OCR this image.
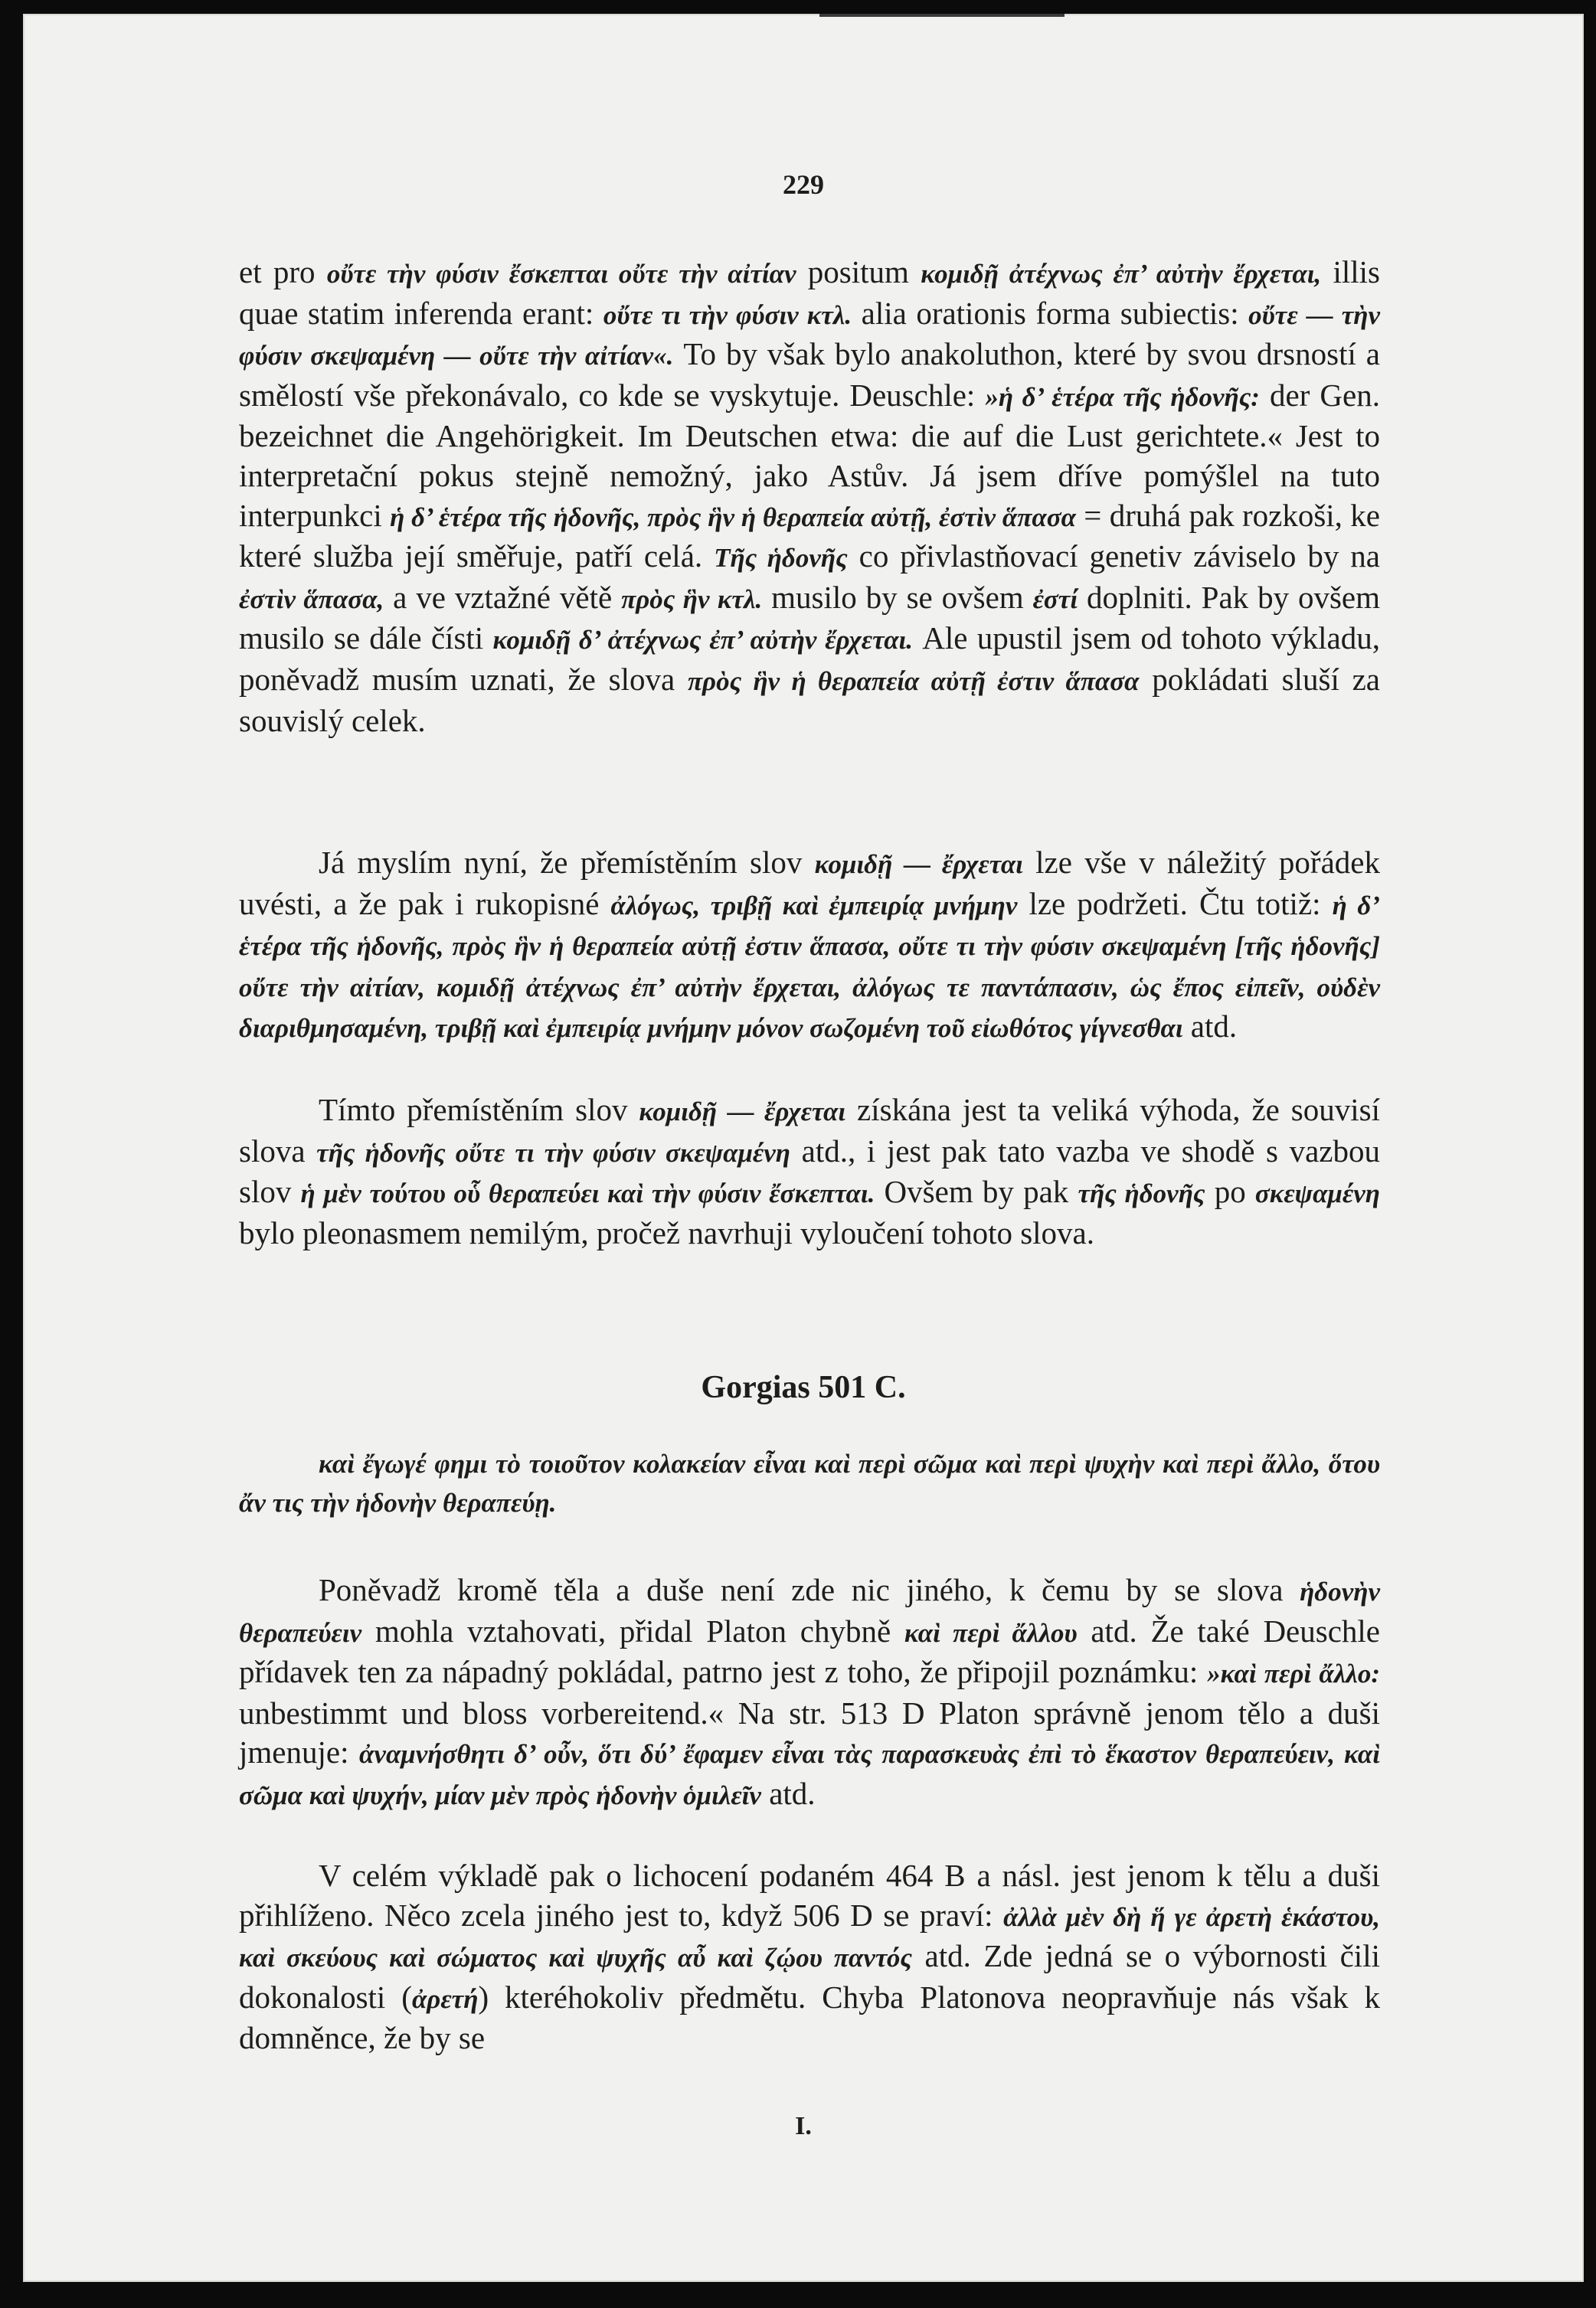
229

et pro οὔτε τὴν φύσιν ἔσκεπται οὔτε τὴν αἰτίαν positum κομιδῇ ἀτέχνως ἐπ’ αὐτὴν ἔρχεται, illis quae statim inferenda erant: οὔτε τι τὴν φύσιν κτλ. alia orationis forma subiectis: οὔτε — τὴν φύσιν σκεψαμένη — οὔτε τὴν αἰτίαν«. To by však bylo anakoluthon, které by svou drsností a smělostí vše překonávalo, co kde se vyskytuje. Deuschle: »ἡ δ’ ἑτέρα τῆς ἡδονῆς: der Gen. bezeichnet die Angehörigkeit. Im Deutschen etwa: die auf die Lust gerichtete.« Jest to interpretační pokus stejně nemožný, jako Astův. Já jsem dříve pomýšlel na tuto interpunkci ἡ δ’ ἑτέρα τῆς ἡδονῆς, πρὸς ἣν ἡ θεραπεία αὐτῇ, ἐστὶν ἅπασα = druhá pak rozkoši, ke které služba její směřuje, patří celá. Τῆς ἡδονῆς co přivlastňovací genetiv záviselo by na ἐστὶν ἅπασα, a ve vztažné větě πρὸς ἣν κτλ. musilo by se ovšem ἐστί doplniti. Pak by ovšem musilo se dále čísti κομιδῇ δ’ ἀτέχνως ἐπ’ αὐτὴν ἔρχεται. Ale upustil jsem od tohoto výkladu, poněvadž musím uznati, že slova πρὸς ἣν ἡ θεραπεία αὐτῇ ἐστιν ἅπασα pokládati sluší za souvislý celek.

Já myslím nyní, že přemístěním slov κομιδῇ — ἔρχεται lze vše v náležitý pořádek uvésti, a že pak i rukopisné ἀλόγως, τριβῇ καὶ ἐμπειρίᾳ μνήμην lze podržeti. Čtu totiž: ἡ δ’ ἑτέρα τῆς ἡδονῆς, πρὸς ἣν ἡ θεραπεία αὐτῇ ἐστιν ἅπασα, οὔτε τι τὴν φύσιν σκεψαμένη [τῆς ἡδονῆς] οὔτε τὴν αἰτίαν, κομιδῇ ἀτέχνως ἐπ’ αὐτὴν ἔρχεται, ἀλόγως τε παντάπασιν, ὡς ἔπος εἰπεῖν, οὐδὲν διαριθμησαμένη, τριβῇ καὶ ἐμπειρίᾳ μνήμην μόνον σωζομένη τοῦ εἰωθότος γίγνεσθαι atd.

Tímto přemístěním slov κομιδῇ — ἔρχεται získána jest ta veliká výhoda, že souvisí slova τῆς ἡδονῆς οὔτε τι τὴν φύσιν σκεψαμένη atd., i jest pak tato vazba ve shodě s vazbou slov ἡ μὲν τούτου οὗ θεραπεύει καὶ τὴν φύσιν ἔσκεπται. Ovšem by pak τῆς ἡδονῆς po σκεψαμένη bylo pleonasmem nemilým, pročež navrhuji vyloučení tohoto slova.

Gorgias 501 C.

καὶ ἔγωγέ φημι τὸ τοιοῦτον κολακείαν εἶναι καὶ περὶ σῶμα καὶ περὶ ψυχὴν καὶ περὶ ἄλλο, ὅτου ἄν τις τὴν ἡδονὴν θεραπεύῃ.

Poněvadž kromě těla a duše není zde nic jiného, k čemu by se slova ἡδονὴν θεραπεύειν mohla vztahovati, přidal Platon chybně καὶ περὶ ἄλλου atd. Že také Deuschle přídavek ten za nápadný pokládal, patrno jest z toho, že připojil poznámku: »καὶ περὶ ἄλλο: unbestimmt und bloss vorbereitend.« Na str. 513 D Platon správně jenom tělo a duši jmenuje: ἀναμνήσθητι δ’ οὖν, ὅτι δύ’ ἔφαμεν εἶναι τὰς παρασκευὰς ἐπὶ τὸ ἕκαστον θεραπεύειν, καὶ σῶμα καὶ ψυχήν, μίαν μὲν πρὸς ἡδονὴν ὁμιλεῖν atd.

V celém výkladě pak o lichocení podaném 464 B a násl. jest jenom k tělu a duši přihlíženo. Něco zcela jiného jest to, když 506 D se praví: ἀλλὰ μὲν δὴ ἥ γε ἀρετὴ ἑκάστου, καὶ σκεύους καὶ σώματος καὶ ψυχῆς αὖ καὶ ζῴου παντός atd. Zde jedná se o výbornosti čili dokonalosti (ἀρετή) kteréhokoliv předmětu. Chyba Platonova neopravňuje nás však k domněnce, že by se

I.
